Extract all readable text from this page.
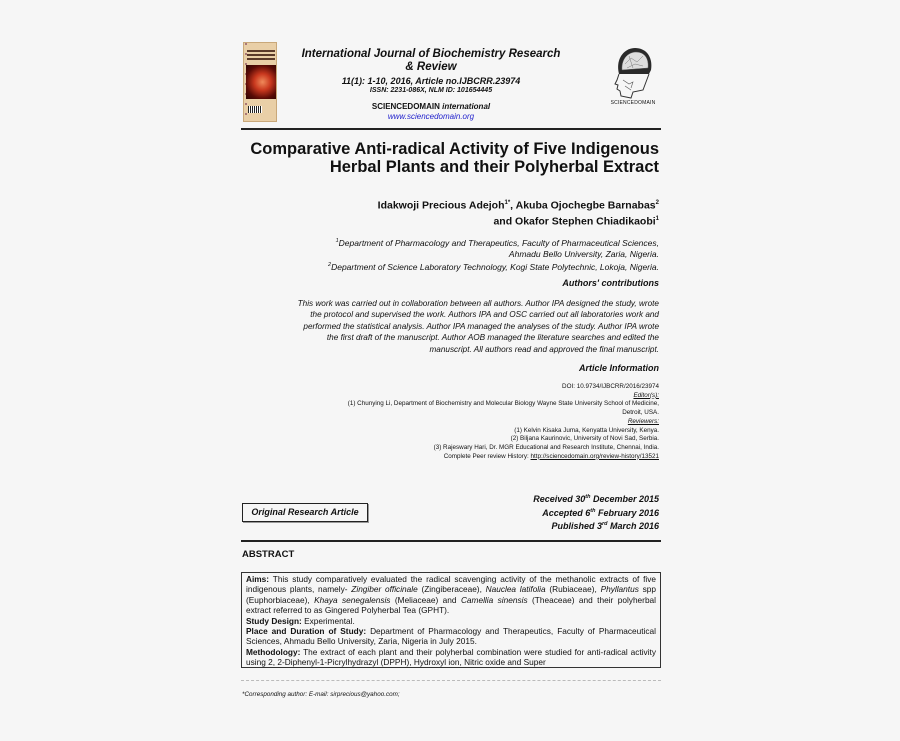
International Journal of Biochemistry Research
& Review
11(1): 1-10, 2016, Article no.IJBCRR.23974
ISSN: 2231-086X, NLM ID: 101654445
SCIENCEDOMAIN international
www.sciencedomain.org
SCIENCEDOMAIN
Comparative Anti-radical Activity of Five Indigenous
Herbal Plants and their Polyherbal Extract
Idakwoji Precious Adejoh$^{1*}$, Akuba Ojochegbe Barnabas$^2$
and Okafor Stephen Chiadikaobi$^1$
$^1$Department of Pharmacology and Therapeutics, Faculty of Pharmaceutical Sciences,
Ahmadu Bello University, Zaria, Nigeria.
$^2$Department of Science Laboratory Technology, Kogi State Polytechnic, Lokoja, Nigeria.
Authors' contributions
This work was carried out in collaboration between all authors. Author IPA designed the study, wrote
the protocol and supervised the work. Authors IPA and OSC carried out all laboratories work and
performed the statistical analysis. Author IPA managed the analyses of the study. Author IPA wrote
the first draft of the manuscript. Author AOB managed the literature searches and edited the
manuscript. All authors read and approved the final manuscript.
Article Information
DOI: 10.9734/IJBCRR/2016/23974
Editor(s):
(1) Chunying Li, Department of Biochemistry and Molecular Biology Wayne State University School of Medicine,
Detroit, USA.
Reviewers:
(1) Kelvin Kisaka Juma, Kenyatta University, Kenya.
(2) Biljana Kaurinovic, University of Novi Sad, Serbia.
(3) Rajeswary Hari, Dr. MGR Educational and Research Institute, Chennai, India.
Complete Peer review History: http://sciencedomain.org/review-history/13521
Original Research Article
Received 30th December 2015
Accepted 6th February 2016
Published 3rd March 2016
ABSTRACT
Aims: This study comparatively evaluated the radical scavenging activity of the methanolic extracts of five indigenous plants, namely- Zingiber officinale (Zingiberaceae), Nauclea latifolia (Rubiaceae), Phyllantus spp (Euphorbiaceae), Khaya senegalensis (Meliaceae) and Camellia sinensis (Theaceae) and their polyherbal extract referred to as Gingered Polyherbal Tea (GPHT).
Study Design: Experimental.
Place and Duration of Study: Department of Pharmacology and Therapeutics, Faculty of Pharmaceutical Sciences, Ahmadu Bello University, Zaria, Nigeria in July 2015.
Methodology: The extract of each plant and their polyherbal combination were studied for anti-radical activity using 2, 2-Diphenyl-1-Picrylhydrazyl (DPPH), Hydroxyl ion, Nitric oxide and Super
*Corresponding author: E-mail: sirprecious@yahoo.com;
